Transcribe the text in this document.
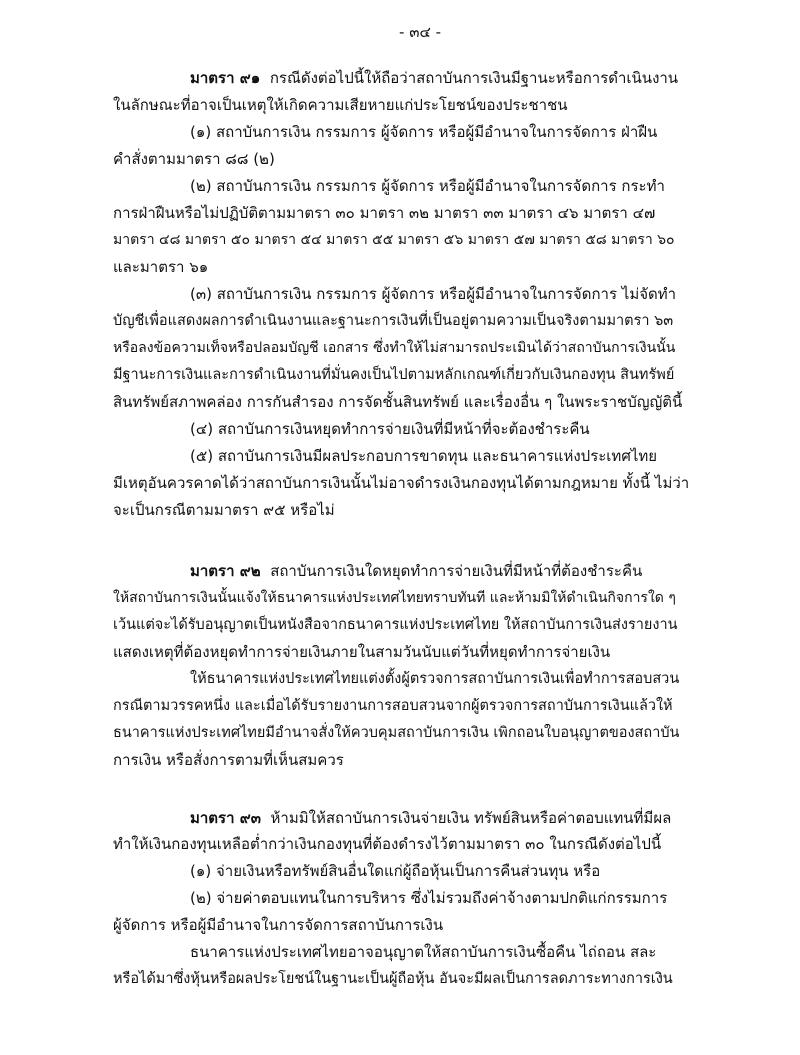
- ๓๔ -
มาตรา ๙๑ กรณีดังต่อไปนี้ให้ถือว่าสถาบันการเงินมีฐานะหรือการดำเนินงาน
ในลักษณะที่อาจเป็นเหตุให้เกิดความเสียหายแก่ประโยชน์ของประชาชน
(๑) สถาบันการเงิน กรรมการ ผู้จัดการ หรือผู้มีอำนาจในการจัดการ ฝ่าฝืน
คำสั่งตามมาตรา ๘๘ (๒)
(๒) สถาบันการเงิน กรรมการ ผู้จัดการ หรือผู้มีอำนาจในการจัดการ กระทำ
การฝ่าฝืนหรือไม่ปฏิบัติตามมาตรา ๓๐ มาตรา ๓๒ มาตรา ๓๓ มาตรา ๔๖ มาตรา ๔๗
มาตรา ๔๘ มาตรา ๕๐ มาตรา ๕๔ มาตรา ๕๕ มาตรา ๕๖ มาตรา ๕๗ มาตรา ๕๘ มาตรา ๖๐
และมาตรา ๖๑
(๓) สถาบันการเงิน กรรมการ ผู้จัดการ หรือผู้มีอำนาจในการจัดการ ไม่จัดทำ
บัญชีเพื่อแสดงผลการดำเนินงานและฐานะการเงินที่เป็นอยู่ตามความเป็นจริงตามมาตรา ๖๓
หรือลงข้อความเท็จหรือปลอมบัญชี เอกสาร ซึ่งทำให้ไม่สามารถประเมินได้ว่าสถาบันการเงินนั้น
มีฐานะการเงินและการดำเนินงานที่มั่นคงเป็นไปตามหลักเกณฑ์เกี่ยวกับเงินกองทุน สินทรัพย์
สินทรัพย์สภาพคล่อง การกันสำรอง การจัดชั้นสินทรัพย์ และเรื่องอื่น ๆ ในพระราชบัญญัตินี้
(๔) สถาบันการเงินหยุดทำการจ่ายเงินที่มีหน้าที่จะต้องชำระคืน
(๕) สถาบันการเงินมีผลประกอบการขาดทุน และธนาคารแห่งประเทศไทย
มีเหตุอันควรคาดได้ว่าสถาบันการเงินนั้นไม่อาจดำรงเงินกองทุนได้ตามกฎหมาย ทั้งนี้ ไม่ว่า
จะเป็นกรณีตามมาตรา ๙๕ หรือไม่
มาตรา ๙๒ สถาบันการเงินใดหยุดทำการจ่ายเงินที่มีหน้าที่ต้องชำระคืน
ให้สถาบันการเงินนั้นแจ้งให้ธนาคารแห่งประเทศไทยทราบทันที และห้ามมิให้ดำเนินกิจการใด ๆ
เว้นแต่จะได้รับอนุญาตเป็นหนังสือจากธนาคารแห่งประเทศไทย ให้สถาบันการเงินส่งรายงาน
แสดงเหตุที่ต้องหยุดทำการจ่ายเงินภายในสามวันนับแต่วันที่หยุดทำการจ่ายเงิน
ให้ธนาคารแห่งประเทศไทยแต่งตั้งผู้ตรวจการสถาบันการเงินเพื่อทำการสอบสวน
กรณีตามวรรคหนึ่ง และเมื่อได้รับรายงานการสอบสวนจากผู้ตรวจการสถาบันการเงินแล้วให้
ธนาคารแห่งประเทศไทยมีอำนาจสั่งให้ควบคุมสถาบันการเงิน เพิกถอนใบอนุญาตของสถาบัน
การเงิน หรือสั่งการตามที่เห็นสมควร
มาตรา ๙๓ ห้ามมิให้สถาบันการเงินจ่ายเงิน ทรัพย์สินหรือค่าตอบแทนที่มีผล
ทำให้เงินกองทุนเหลือต่ำกว่าเงินกองทุนที่ต้องดำรงไว้ตามมาตรา ๓๐ ในกรณีดังต่อไปนี้
(๑) จ่ายเงินหรือทรัพย์สินอื่นใดแก่ผู้ถือหุ้นเป็นการคืนส่วนทุน หรือ
(๒) จ่ายค่าตอบแทนในการบริหาร ซึ่งไม่รวมถึงค่าจ้างตามปกติแก่กรรมการ
ผู้จัดการ หรือผู้มีอำนาจในการจัดการสถาบันการเงิน
ธนาคารแห่งประเทศไทยอาจอนุญาตให้สถาบันการเงินซื้อคืน ไถ่ถอน สละ
หรือได้มาซึ่งหุ้นหรือผลประโยชน์ในฐานะเป็นผู้ถือหุ้น อันจะมีผลเป็นการลดภาระทางการเงิน
